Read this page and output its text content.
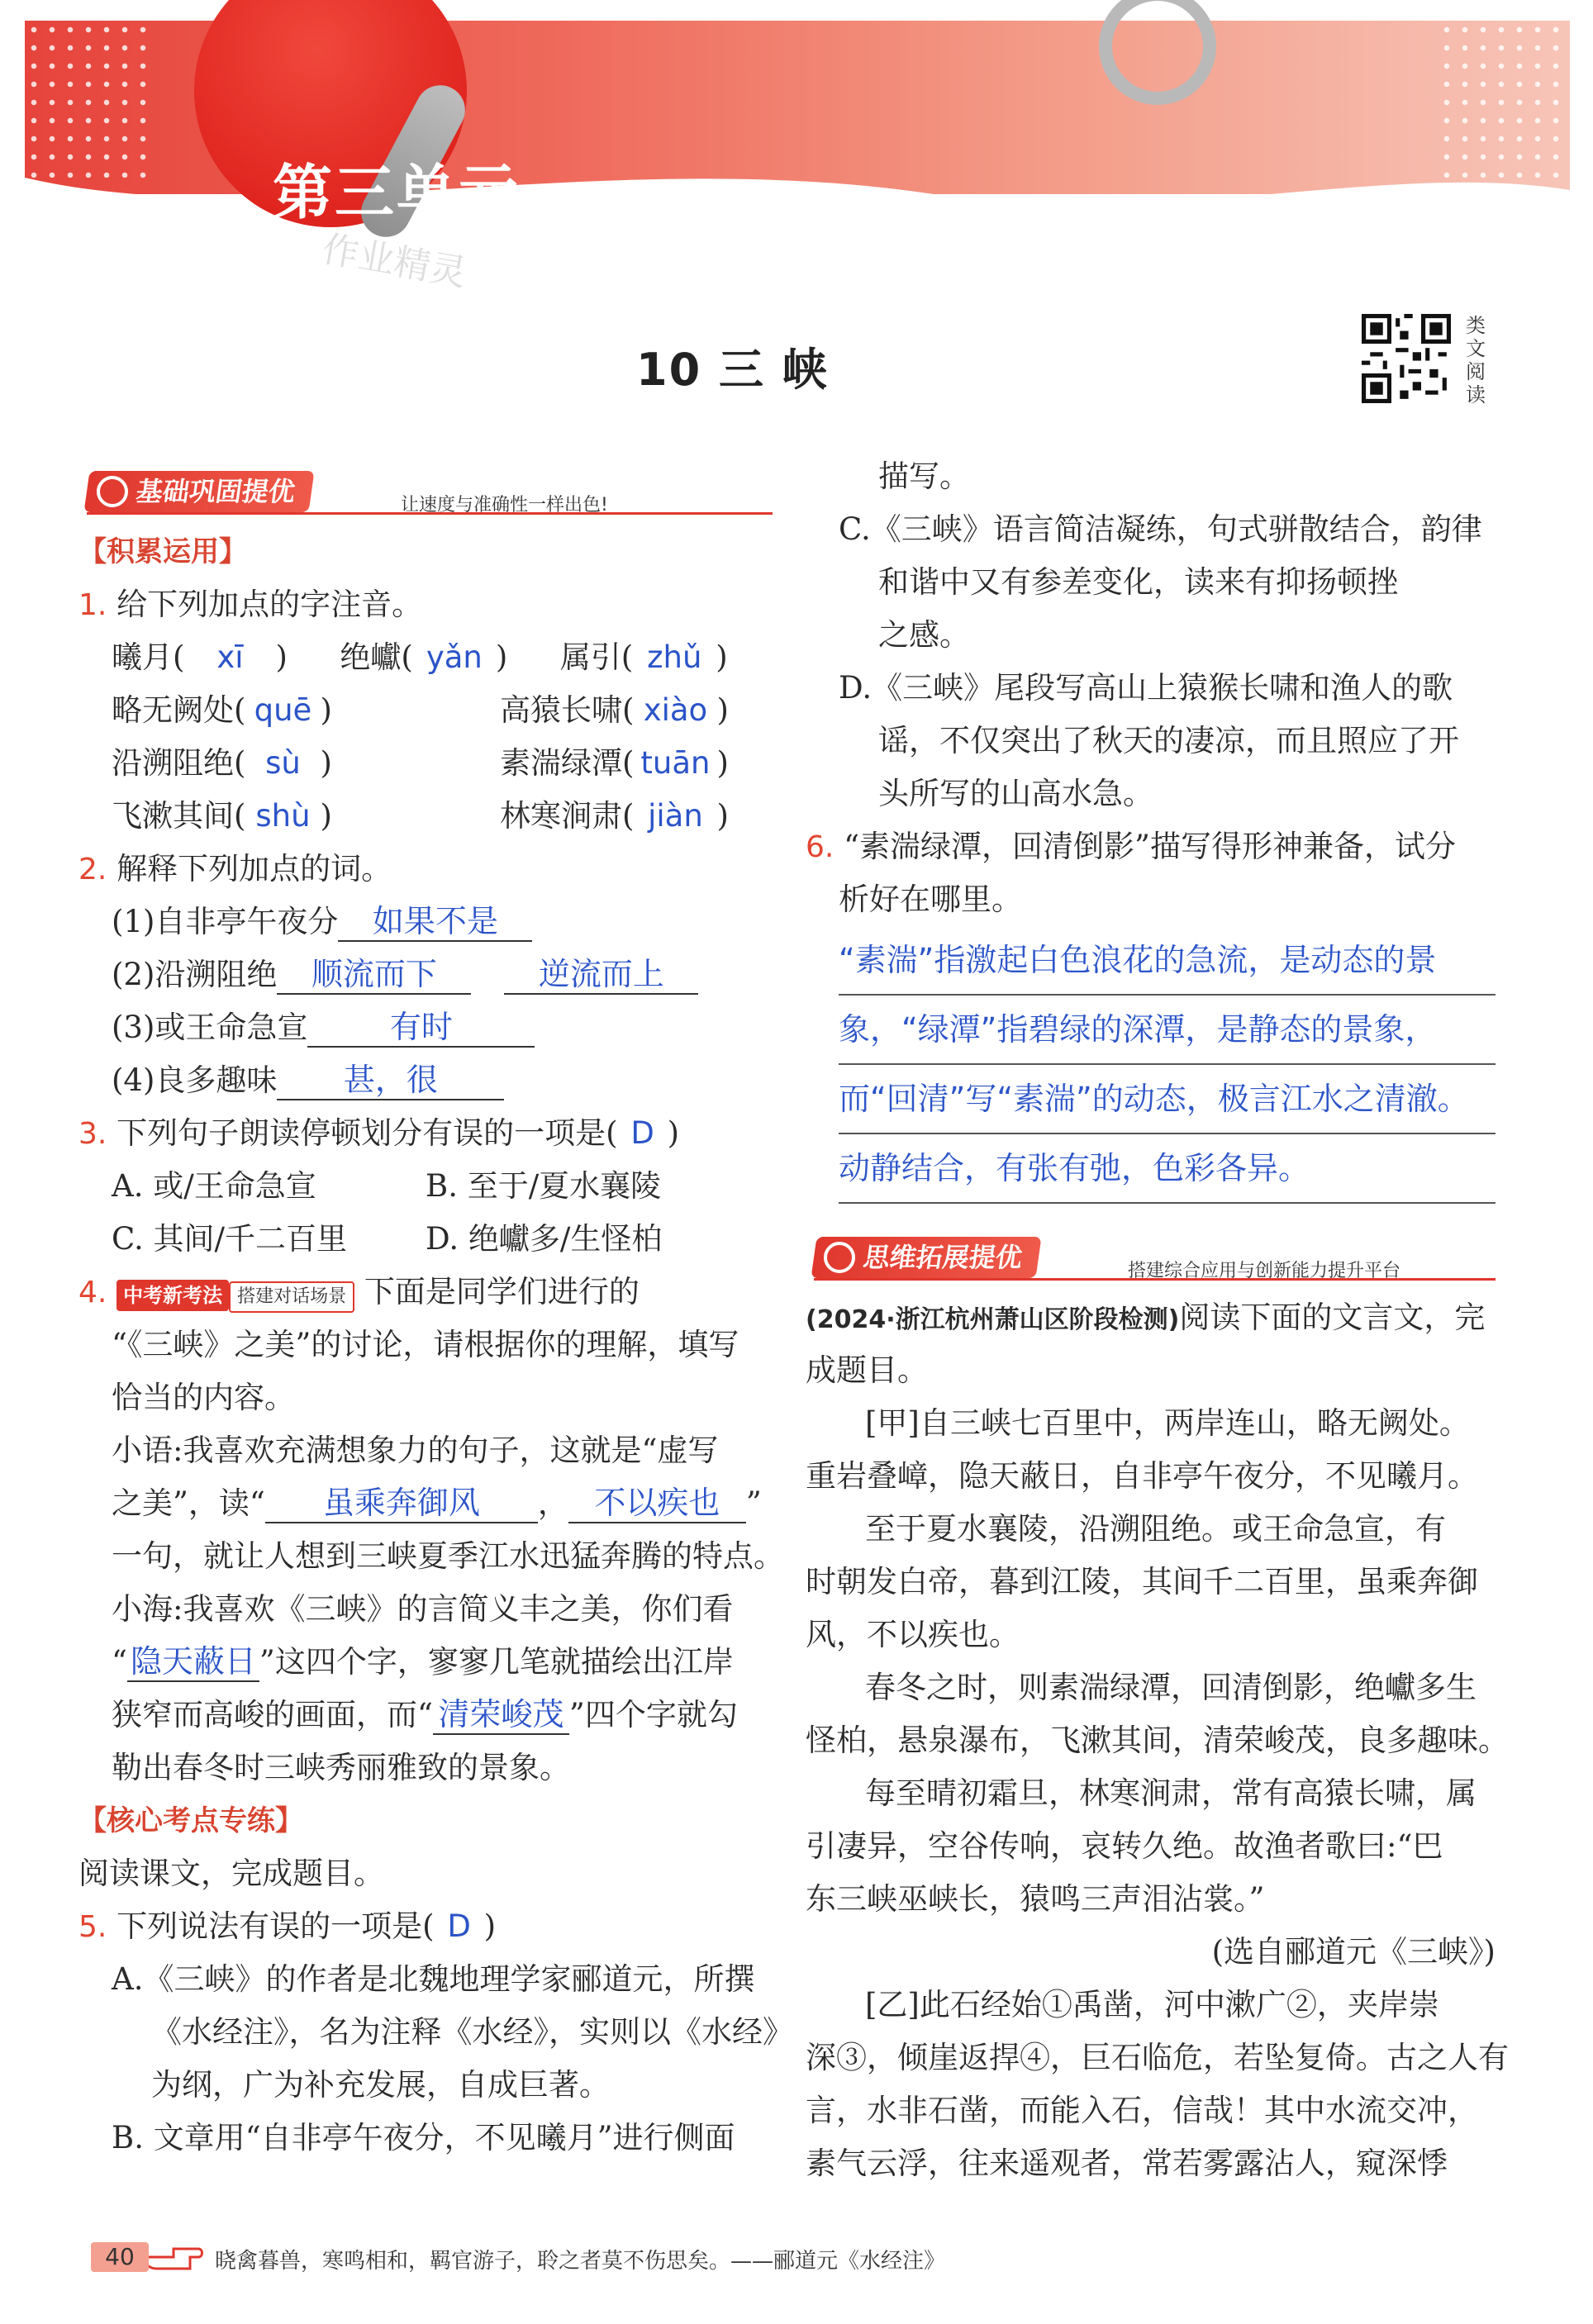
第三单元
作业精灵
10 三 峡
类文阅读
基础巩固提优	让速度与准确性一样出色!
【积累运用】
1. 给下列加点的字注音。
曦月( xī ) 绝巘( yǎn ) 属引( zhǔ )
略无阙处( quē )	高猿长啸( xiào )
沿溯阻绝( sù )	素湍绿潭( tuān )
飞漱其间( shù )	林寒涧肃( jiàn )
2. 解释下列加点的词。
(1)自非亭午夜分 如果不是
(2)沿溯阻绝 顺流而下	逆流而上
(3)或王命急宣	有时
(4)良多趣味 甚，很
3. 下列句子朗读停顿划分有误的一项是( D )
A. 或/王命急宣	B. 至于/夏水襄陵
C. 其间/千二百里	D. 绝巘多/生怪柏
4. 中考新考法 搭建对话场景 下面是同学们进行的
“《三峡》之美”的讨论，请根据你的理解，填写
恰当的内容。
小语:我喜欢充满想象力的句子，这就是“虚写
之美”，读“ 虽乘奔御风 ， 不以疾也 ”
一句，就让人想到三峡夏季江水迅猛奔腾的特点。
小海:我喜欢《三峡》的言简义丰之美，你们看
“ 隐天蔽日 ”这四个字，寥寥几笔就描绘出江岸
狭窄而高峻的画面，而“ 清荣峻茂 ”四个字就勾
勒出春冬时三峡秀丽雅致的景象。
【核心考点专练】
阅读课文，完成题目。
5. 下列说法有误的一项是( D )
A.《三峡》的作者是北魏地理学家郦道元，所撰
《水经注》，名为注释《水经》，实则以《水经》
为纲，广为补充发展，自成巨著。
B. 文章用“自非亭午夜分，不见曦月”进行侧面
描写。
C.《三峡》语言简洁凝练，句式骈散结合，韵律
和谐中又有参差变化，读来有抑扬顿挫
之感。
D.《三峡》尾段写高山上猿猴长啸和渔人的歌
谣，不仅突出了秋天的凄凉，而且照应了开
头所写的山高水急。
6. “素湍绿潭，回清倒影”描写得形神兼备，试分
析好在哪里。
“素湍”指激起白色浪花的急流，是动态的景
象，“绿潭”指碧绿的深潭，是静态的景象，
而“回清”写“素湍”的动态，极言江水之清澈。
动静结合，有张有弛，色彩各异。
思维拓展提优	搭建综合应用与创新能力提升平台
(2024·浙江杭州萧山区阶段检测)阅读下面的文言文，完
成题目。
[甲]自三峡七百里中，两岸连山，略无阙处。
重岩叠嶂，隐天蔽日，自非亭午夜分，不见曦月。
至于夏水襄陵，沿溯阻绝。或王命急宣，有
时朝发白帝，暮到江陵，其间千二百里，虽乘奔御
风，不以疾也。
春冬之时，则素湍绿潭，回清倒影，绝巘多生
怪柏，悬泉瀑布，飞漱其间，清荣峻茂，良多趣味。
每至晴初霜旦，林寒涧肃，常有高猿长啸，属
引凄异，空谷传响，哀转久绝。故渔者歌曰:“巴
东三峡巫峡长，猿鸣三声泪沾裳。”
(选自郦道元《三峡》)
[乙]此石经始①禹凿，河中漱广②，夹岸崇
深③，倾崖返捍④，巨石临危，若坠复倚。古之人有
言，水非石凿，而能入石，信哉！其中水流交冲，
素气云浮，往来遥观者，常若雾露沾人，窥深悸
40	晓禽暮兽，寒鸣相和，羁官游子，聆之者莫不伤思矣。——郦道元《水经注》
